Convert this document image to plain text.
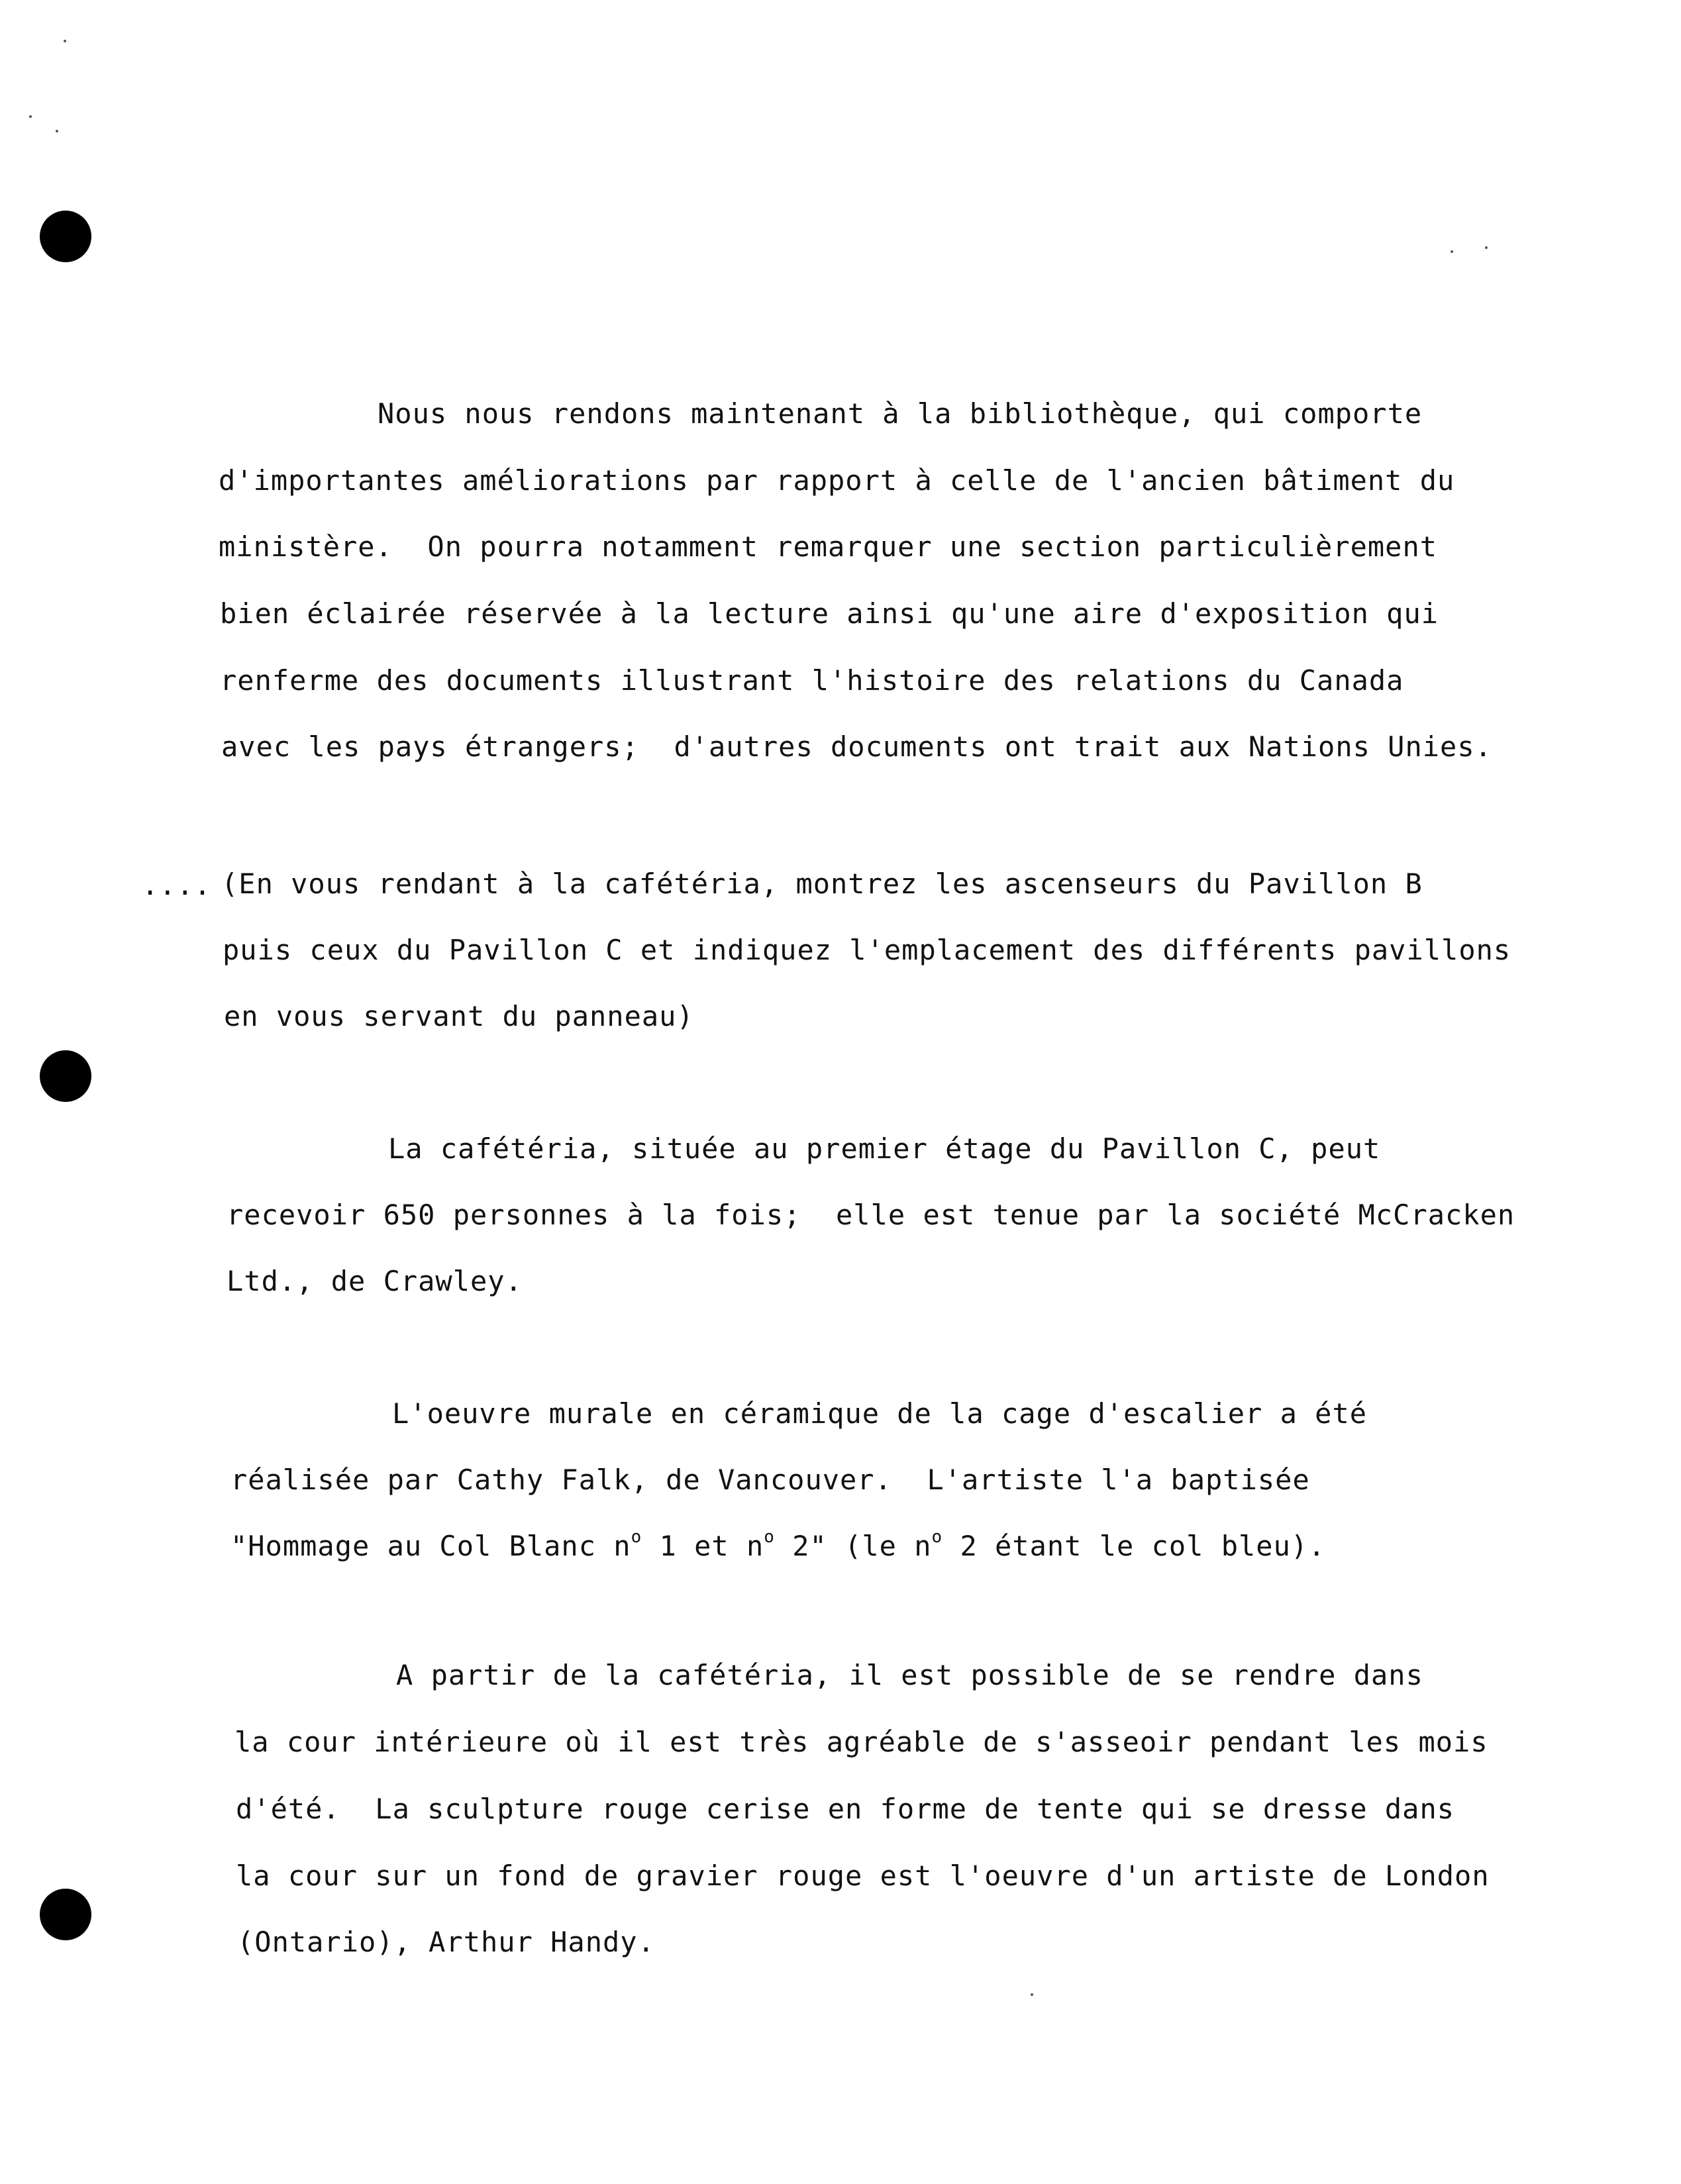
Nous nous rendons maintenant à la bibliothèque, qui comporte
d'importantes améliorations par rapport à celle de l'ancien bâtiment du
ministère.  On pourra notamment remarquer une section particulièrement
bien éclairée réservée à la lecture ainsi qu'une aire d'exposition qui
renferme des documents illustrant l'histoire des relations du Canada
avec les pays étrangers;  d'autres documents ont trait aux Nations Unies.
.... (En vous rendant à la cafétéria, montrez les ascenseurs du Pavillon B
puis ceux du Pavillon C et indiquez l'emplacement des différents pavillons
en vous servant du panneau)
La cafétéria, située au premier étage du Pavillon C, peut
recevoir 650 personnes à la fois;  elle est tenue par la société McCracken
Ltd., de Crawley.
L'oeuvre murale en céramique de la cage d'escalier a été
réalisée par Cathy Falk, de Vancouver.  L'artiste l'a baptisée
"Hommage au Col Blanc $n^o$ 1 et $n^o$ 2" (le $n^o$ 2 étant le col bleu).
A partir de la cafétéria, il est possible de se rendre dans
la cour intérieure où il est très agréable de s'asseoir pendant les mois
d'été.  La sculpture rouge cerise en forme de tente qui se dresse dans
la cour sur un fond de gravier rouge est l'oeuvre d'un artiste de London
(Ontario), Arthur Handy.
